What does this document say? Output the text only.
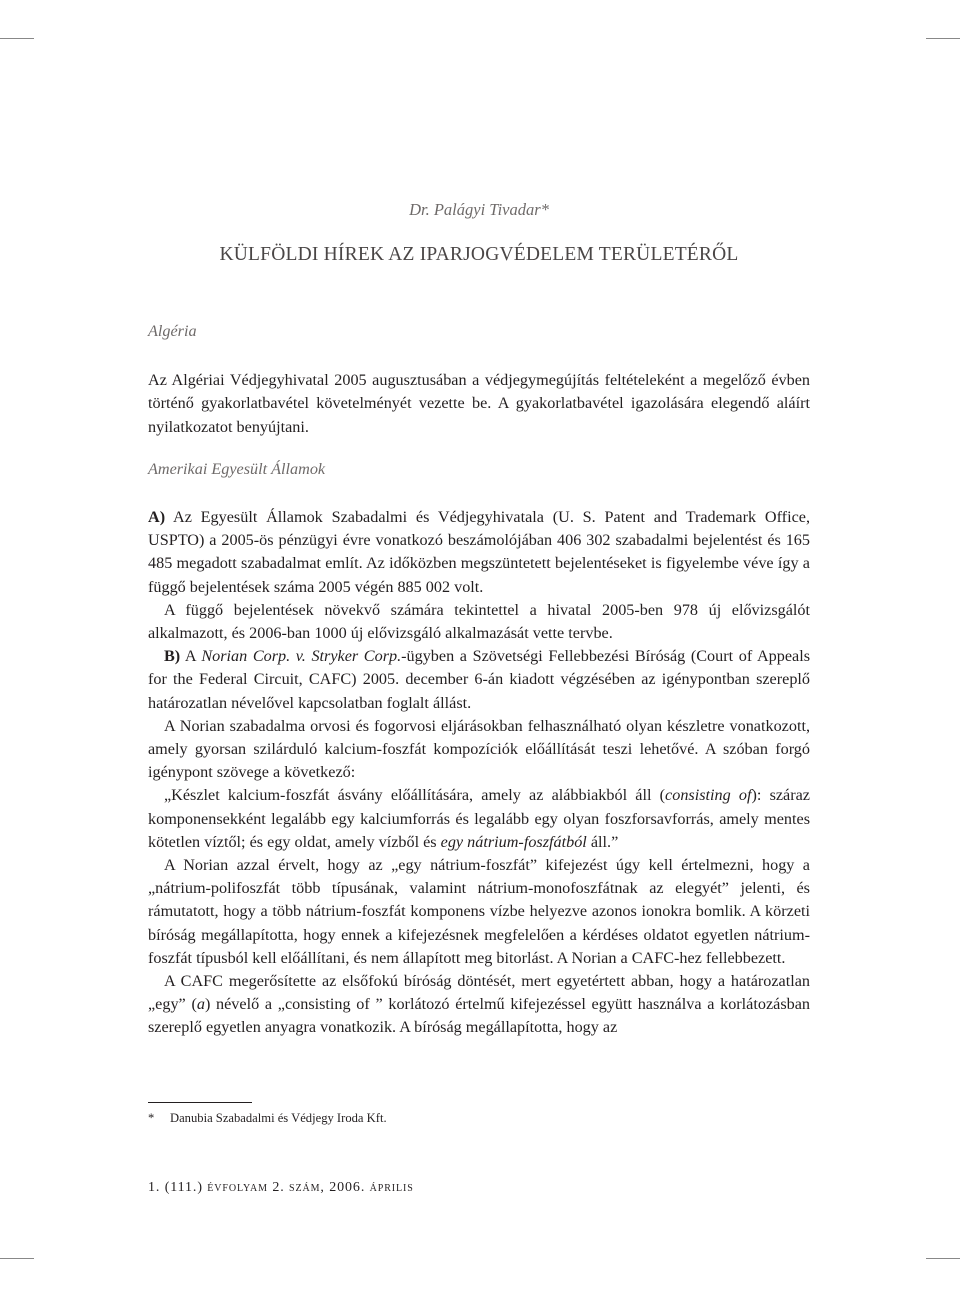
Dr. Palágyi Tivadar*
KÜLFÖLDI HÍREK AZ IPARJOGVÉDELEM TERÜLETÉRŐL

Algéria

Az Algériai Védjegyhivatal 2005 augusztusában a védjegymegújítás feltételeként a megelőző évben történő gyakorlatbavétel követelményét vezette be. A gyakorlatbavétel igazolására elegendő aláírt nyilatkozatot benyújtani.

Amerikai Egyesült Államok

A) Az Egyesült Államok Szabadalmi és Védjegyhivatala (U. S. Patent and Trademark Office, USPTO) a 2005-ös pénzügyi évre vonatkozó beszámolójában 406 302 szabadalmi bejelentést és 165 485 megadott szabadalmat említ. Az időközben megszüntetett bejelentéseket is figyelembe véve így a függő bejelentések száma 2005 végén 885 002 volt.

A függő bejelentések növekvő számára tekintettel a hivatal 2005-ben 978 új elővizsgálót alkalmazott, és 2006-ban 1000 új elővizsgáló alkalmazását vette tervbe.

B) A Norian Corp. v. Stryker Corp.-ügyben a Szövetségi Fellebbezési Bíróság (Court of Appeals for the Federal Circuit, CAFC) 2005. december 6-án kiadott végzésében az igénypontban szereplő határozatlan névelővel kapcsolatban foglalt állást.

A Norian szabadalma orvosi és fogorvosi eljárásokban felhasználható olyan készletre vonatkozott, amely gyorsan szilárduló kalcium-foszfát kompozíciók előállítását teszi lehetővé. A szóban forgó igénypont szövege a következő:

„Készlet kalcium-foszfát ásvány előállítására, amely az alábbiakból áll (consisting of): száraz komponensekként legalább egy kalciumforrás és legalább egy olyan foszforsavforrás, amely mentes kötetlen víztől; és egy oldat, amely vízből és egy nátrium-foszfátból áll.”

A Norian azzal érvelt, hogy az „egy nátrium-foszfát” kifejezést úgy kell értelmezni, hogy a „nátrium-polifoszfát több típusának, valamint nátrium-monofoszfátnak az elegyét” jelenti, és rámutatott, hogy a több nátrium-foszfát komponens vízbe helyezve azonos ionokra bomlik. A körzeti bíróság megállapította, hogy ennek a kifejezésnek megfelelően a kérdéses oldatot egyetlen nátrium-foszfát típusból kell előállítani, és nem állapított meg bitorlást. A Norian a CAFC-hez fellebbezett.

A CAFC megerősítette az elsőfokú bíróság döntését, mert egyetértett abban, hogy a határozatlan „egy” (a) névelő a „consisting of ” korlátozó értelmű kifejezéssel együtt használva a korlátozásban szereplő egyetlen anyagra vonatkozik. A bíróság megállapította, hogy az

* Danubia Szabadalmi és Védjegy Iroda Kft.
1. (111.) évfolyam 2. szám, 2006. április
